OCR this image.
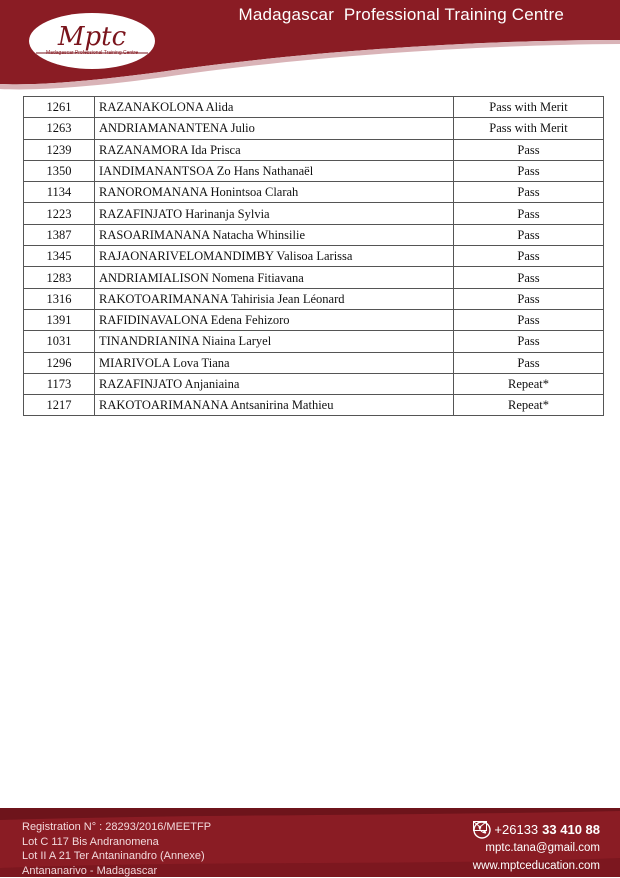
Mptc
Madagascar Professional Training Centre
Madagascar  Professional Training Centre
1261	RAZANAKOLONA Alida	Pass with Merit
1263	ANDRIAMANANTENA Julio	Pass with Merit
1239	RAZANAMORA Ida Prisca	Pass
1350	IANDIMANANTSOA Zo Hans Nathanaël	Pass
1134	RANOROMANANA Honintsoa Clarah	Pass
1223	RAZAFINJATO Harinanja Sylvia	Pass
1387	RASOARIMANANA Natacha Whinsilie	Pass
1345	RAJAONARIVELOMANDIMBY Valisoa Larissa	Pass
1283	ANDRIAMIALISON Nomena Fitiavana	Pass
1316	RAKOTOARIMANANA Tahirisia Jean Léonard	Pass
1391	RAFIDINAVALONA Edena Fehizoro	Pass
1031	TINANDRIANINA Niaina Laryel	Pass
1296	MIARIVOLA Lova Tiana	Pass
1173	RAZAFINJATO Anjaniaina	Repeat*
1217	RAKOTOARIMANANA Antsanirina Mathieu	Repeat*
Registration N° : 28293/2016/MEETFP
Lot C 117 Bis Andranomena
Lot II A 21 Ter Antaninandro (Annexe)
Antananarivo - Madagascar
+26133 33 410 88
mptc.tana@gmail.com
www.mptceducation.com
